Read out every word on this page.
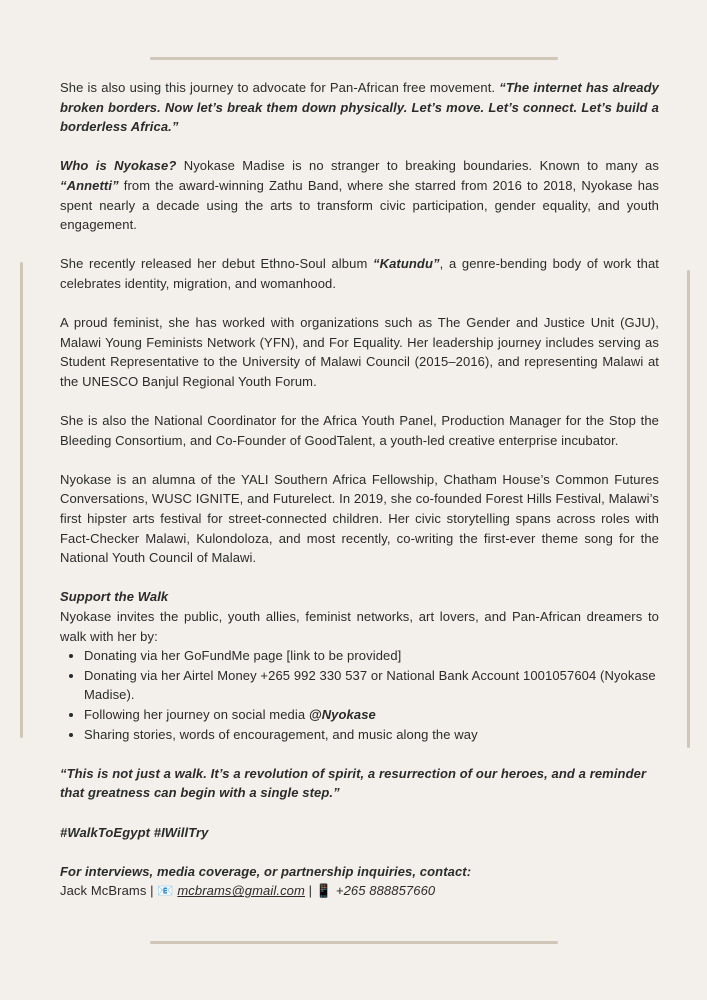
She is also using this journey to advocate for Pan-African free movement. “The internet has already broken borders. Now let’s break them down physically. Let’s move. Let’s connect. Let’s build a borderless Africa.”

Who is Nyokase? Nyokase Madise is no stranger to breaking boundaries. Known to many as “Annetti” from the award-winning Zathu Band, where she starred from 2016 to 2018, Nyokase has spent nearly a decade using the arts to transform civic participation, gender equality, and youth engagement.

She recently released her debut Ethno-Soul album “Katundu”, a genre-bending body of work that celebrates identity, migration, and womanhood.

A proud feminist, she has worked with organizations such as The Gender and Justice Unit (GJU), Malawi Young Feminists Network (YFN), and For Equality. Her leadership journey includes serving as Student Representative to the University of Malawi Council (2015–2016), and representing Malawi at the UNESCO Banjul Regional Youth Forum.

She is also the National Coordinator for the Africa Youth Panel, Production Manager for the Stop the Bleeding Consortium, and Co-Founder of GoodTalent, a youth-led creative enterprise incubator.

Nyokase is an alumna of the YALI Southern Africa Fellowship, Chatham House’s Common Futures Conversations, WUSC IGNITE, and Futurelect. In 2019, she co-founded Forest Hills Festival, Malawi’s first hipster arts festival for street-connected children. Her civic storytelling spans across roles with Fact-Checker Malawi, Kulondoloza, and most recently, co-writing the first-ever theme song for the National Youth Council of Malawi.

Support the Walk

Nyokase invites the public, youth allies, feminist networks, art lovers, and Pan-African dreamers to walk with her by:

• Donating via her GoFundMe page [link to be provided]
• Donating via her Airtel Money +265 992 330 537 or National Bank Account 1001057604 (Nyokase Madise).
• Following her journey on social media @Nyokase
• Sharing stories, words of encouragement, and music along the way

“This is not just a walk. It’s a revolution of spirit, a resurrection of our heroes, and a reminder that greatness can begin with a single step.”

#WalkToEgypt #IWillTry

For interviews, media coverage, or partnership inquiries, contact:
Jack McBrams | 📧 mcbrams@gmail.com | 📱 +265 888857660
